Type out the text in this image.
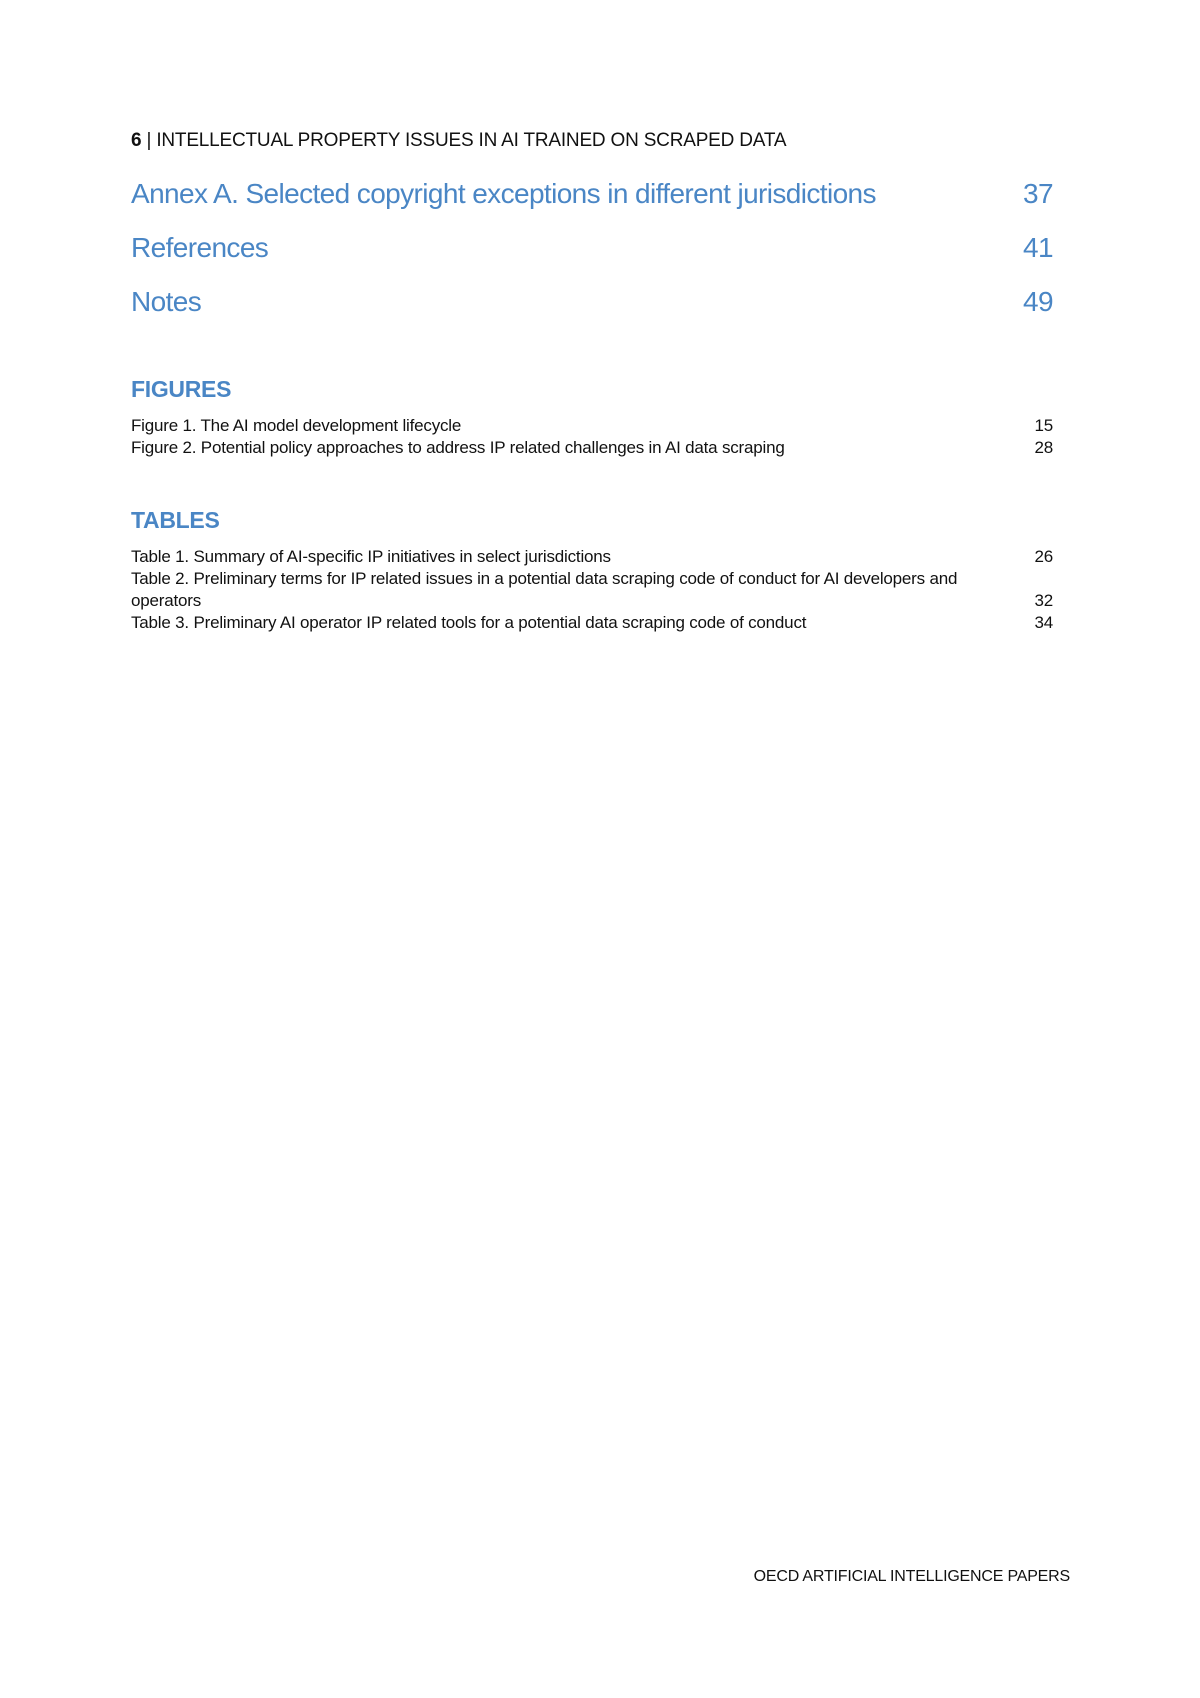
6 | INTELLECTUAL PROPERTY ISSUES IN AI TRAINED ON SCRAPED DATA
Annex A. Selected copyright exceptions in different jurisdictions	37
References	41
Notes	49
FIGURES
Figure 1. The AI model development lifecycle	15
Figure 2. Potential policy approaches to address IP related challenges in AI data scraping	28
TABLES
Table 1. Summary of AI-specific IP initiatives in select jurisdictions	26
Table 2. Preliminary terms for IP related issues in a potential data scraping code of conduct for AI developers and operators	32
Table 3. Preliminary AI operator IP related tools for a potential data scraping code of conduct	34
OECD ARTIFICIAL INTELLIGENCE PAPERS
